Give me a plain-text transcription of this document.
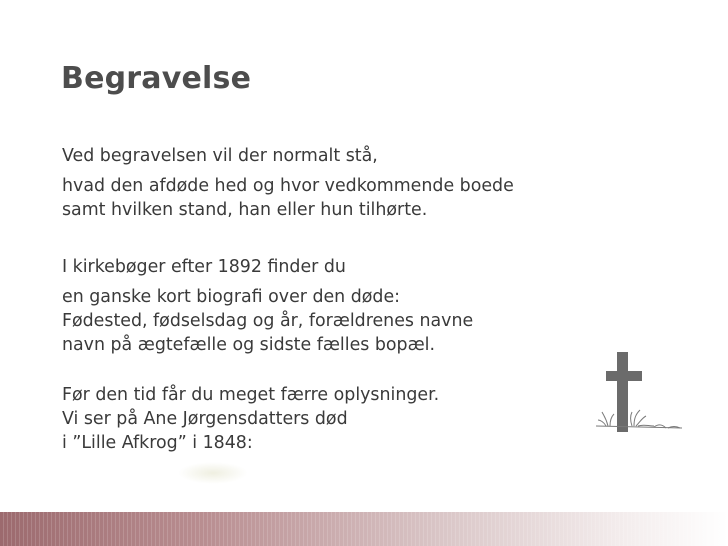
Begravelse
Ved begravelsen vil der normalt stå,
hvad den afdøde hed og hvor vedkommende boede
samt hvilken stand, han eller hun tilhørte.
I kirkebøger efter 1892 finder du
en ganske kort biografi over den døde:
Fødested, fødselsdag og år, forældrenes navne
navn på ægtefælle og sidste fælles bopæl.
Før den tid får du meget færre oplysninger.
Vi ser på Ane Jørgensdatters død
i ”Lille Afkrog” i 1848:
